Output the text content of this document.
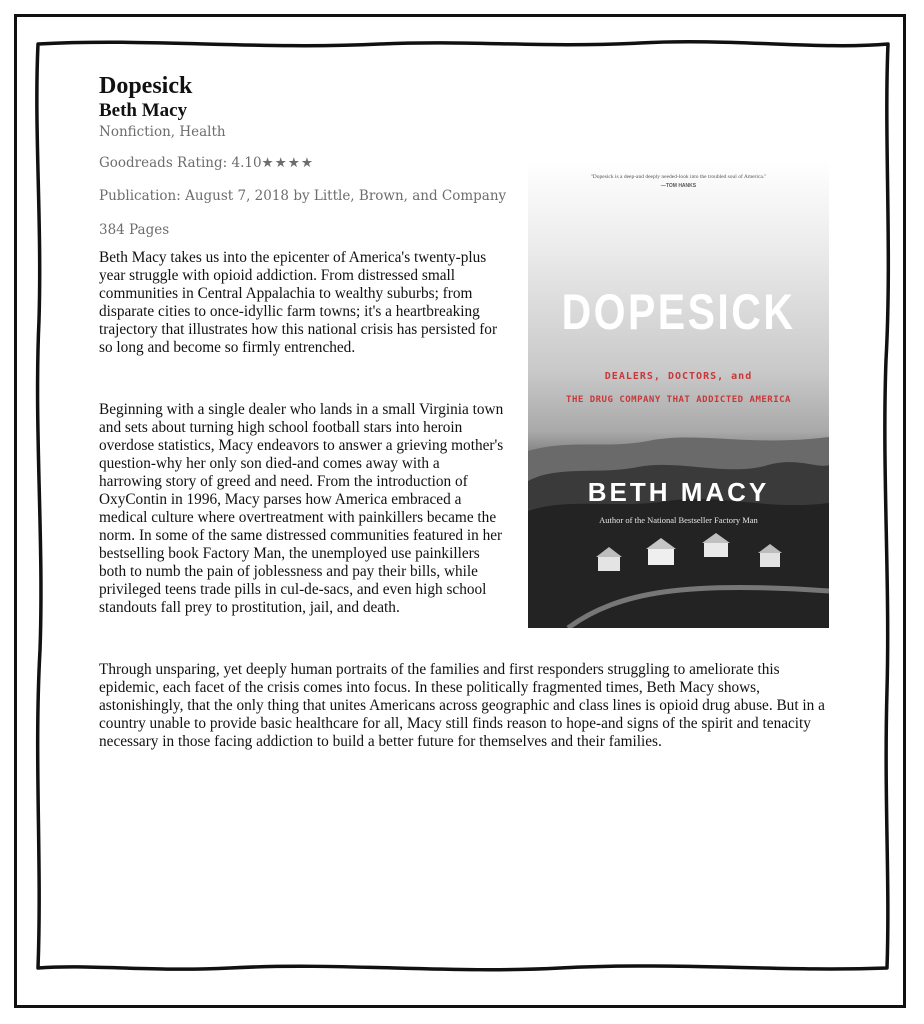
Dopesick
Beth Macy

Nonfiction, Health

Goodreads Rating: 4.10★★★★

Publication: August 7, 2018 by Little, Brown, and Company

384 Pages

"Dopesick is a deep-and deeply needed-look into the troubled soul of America."
—TOM HANKS
DOPESICK
DEALERS, DOCTORS, and
THE DRUG COMPANY THAT ADDICTED AMERICA
BETH MACY
Author of the National Bestseller Factory Man

Beth Macy takes us into the epicenter of America's twenty-plus year struggle with opioid addiction. From distressed small communities in Central Appalachia to wealthy suburbs; from disparate cities to once-idyllic farm towns; it's a heartbreaking trajectory that illustrates how this national crisis has persisted for so long and become so firmly entrenched.

Beginning with a single dealer who lands in a small Virginia town and sets about turning high school football stars into heroin overdose statistics, Macy endeavors to answer a grieving mother's question-why her only son died-and comes away with a harrowing story of greed and need. From the introduction of OxyContin in 1996, Macy parses how America embraced a medical culture where overtreatment with painkillers became the norm. In some of the same distressed communities featured in her bestselling book Factory Man, the unemployed use painkillers both to numb the pain of joblessness and pay their bills, while privileged teens trade pills in cul-de-sacs, and even high school standouts fall prey to prostitution, jail, and death.

Through unsparing, yet deeply human portraits of the families and first responders struggling to ameliorate this epidemic, each facet of the crisis comes into focus. In these politically fragmented times, Beth Macy shows, astonishingly, that the only thing that unites Americans across geographic and class lines is opioid drug abuse. But in a country unable to provide basic healthcare for all, Macy still finds reason to hope-and signs of the spirit and tenacity necessary in those facing addiction to build a better future for themselves and their families.
